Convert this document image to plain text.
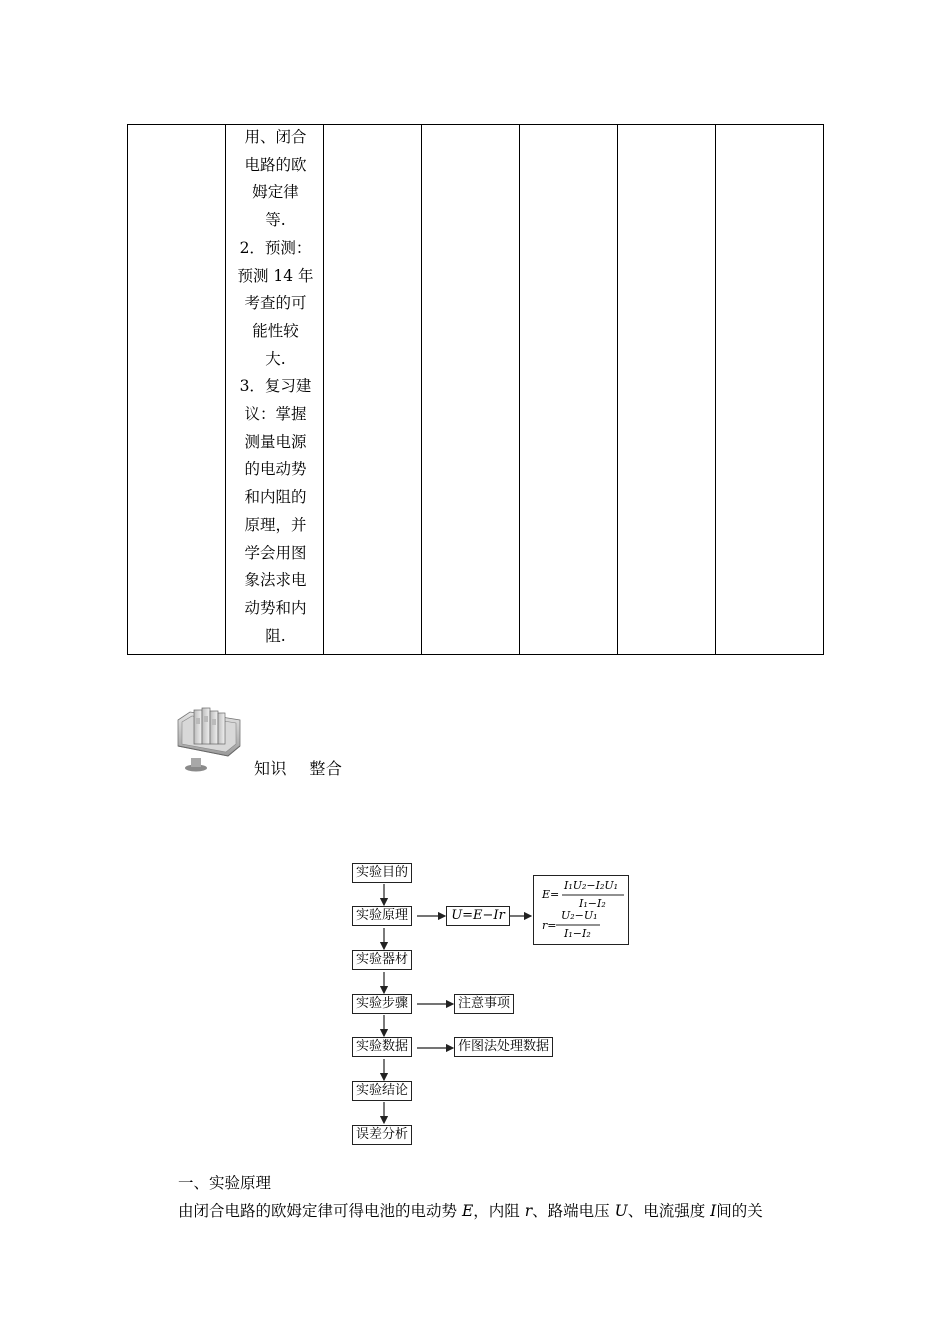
用、闭合
电路的欧
姆定律
等.
2．预测：
预测 14 年
考查的可
能性较
大.
3．复习建
议：掌握
测量电源
的电动势
和内阻的
原理，并
学会用图
象法求电
动势和内
阻.
知识 整合
实验目的
实验原理
实验器材
实验步骤
实验数据
实验结论
误差分析
U=E−Ir
注意事项
作图法处理数据
E=
I₁U₂−I₂U₁
I₁−I₂
r=
U₂−U₁
I₁−I₂
一、实验原理
由闭合电路的欧姆定律可得电池的电动势 E，内阻 r、路端电压 U、电流强度 I间的关
